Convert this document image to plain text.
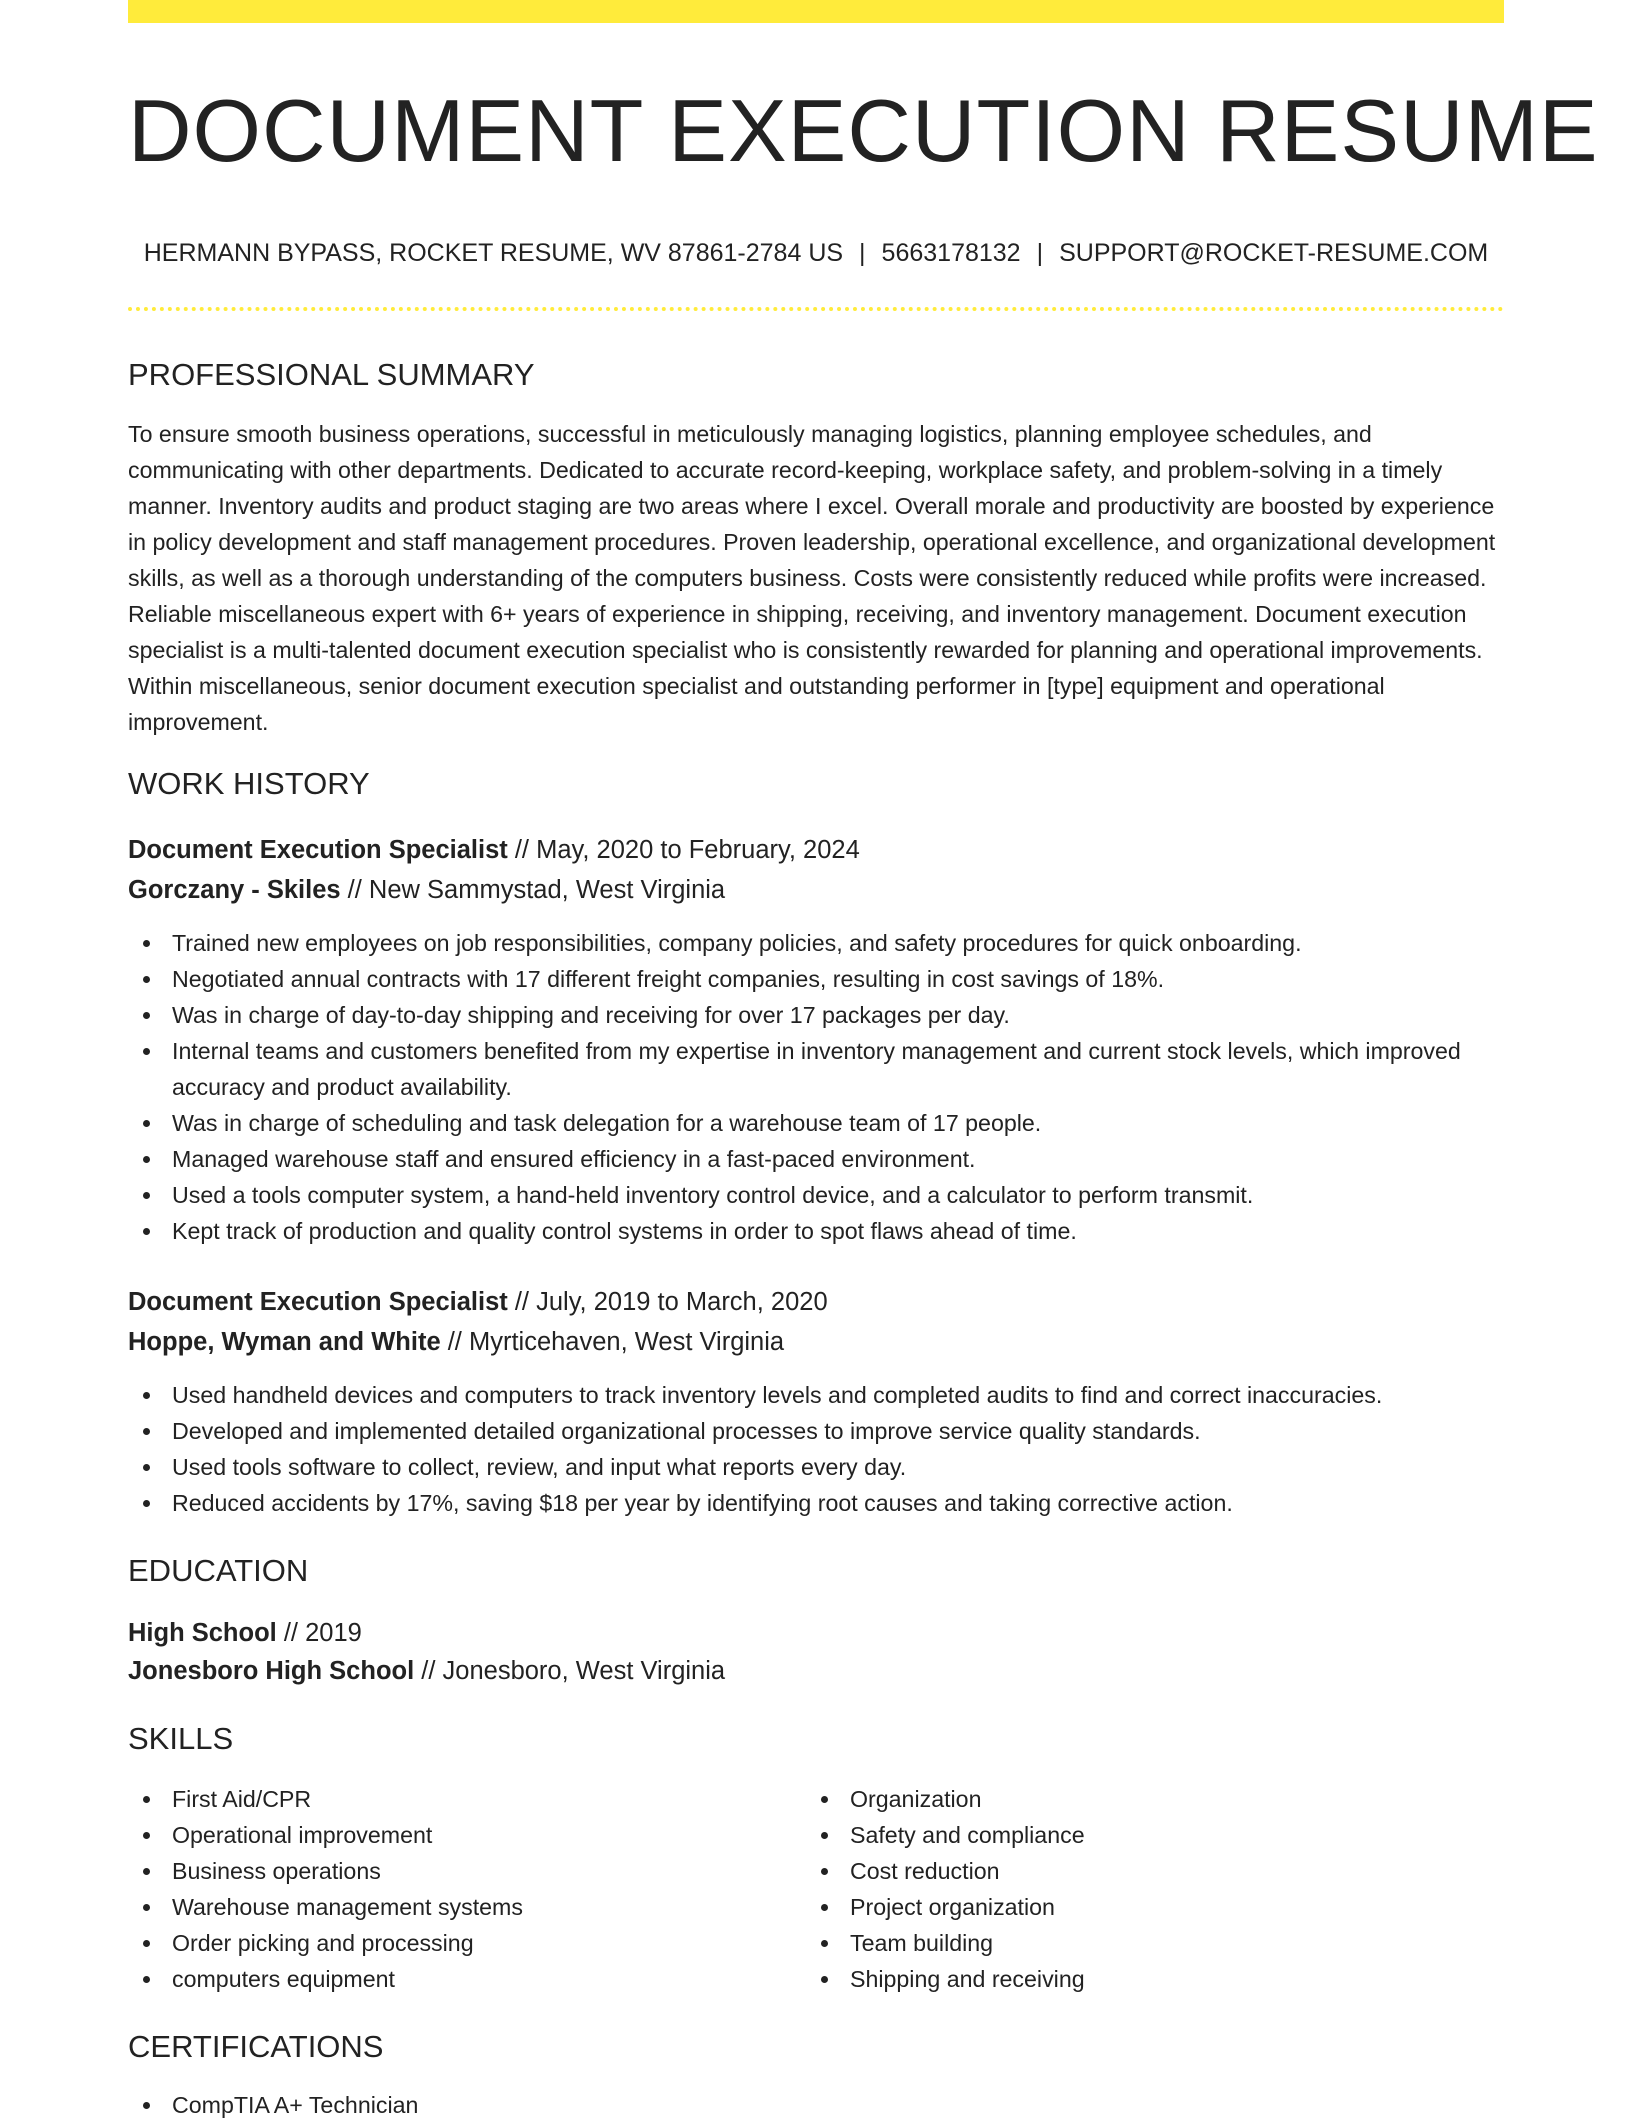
DOCUMENT EXECUTION RESUME
HERMANN BYPASS, ROCKET RESUME, WV 87861-2784 US | 5663178132 | SUPPORT@ROCKET-RESUME.COM
PROFESSIONAL SUMMARY

To ensure smooth business operations, successful in meticulously managing logistics, planning employee schedules, and communicating with other departments. Dedicated to accurate record-keeping, workplace safety, and problem-solving in a timely manner. Inventory audits and product staging are two areas where I excel. Overall morale and productivity are boosted by experience in policy development and staff management procedures. Proven leadership, operational excellence, and organizational development skills, as well as a thorough understanding of the computers business. Costs were consistently reduced while profits were increased. Reliable miscellaneous expert with 6+ years of experience in shipping, receiving, and inventory management. Document execution specialist is a multi-talented document execution specialist who is consistently rewarded for planning and operational improvements. Within miscellaneous, senior document execution specialist and outstanding performer in [type] equipment and operational improvement.

WORK HISTORY
Document Execution Specialist // May, 2020 to February, 2024
Gorczany - Skiles // New Sammystad, West Virginia
Trained new employees on job responsibilities, company policies, and safety procedures for quick onboarding.
Negotiated annual contracts with 17 different freight companies, resulting in cost savings of 18%.
Was in charge of day-to-day shipping and receiving for over 17 packages per day.
Internal teams and customers benefited from my expertise in inventory management and current stock levels, which improved accuracy and product availability.
Was in charge of scheduling and task delegation for a warehouse team of 17 people.
Managed warehouse staff and ensured efficiency in a fast-paced environment.
Used a tools computer system, a hand-held inventory control device, and a calculator to perform transmit.
Kept track of production and quality control systems in order to spot flaws ahead of time.
Document Execution Specialist // July, 2019 to March, 2020
Hoppe, Wyman and White // Myrticehaven, West Virginia
Used handheld devices and computers to track inventory levels and completed audits to find and correct inaccuracies.
Developed and implemented detailed organizational processes to improve service quality standards.
Used tools software to collect, review, and input what reports every day.
Reduced accidents by 17%, saving $18 per year by identifying root causes and taking corrective action.
EDUCATION
High School // 2019
Jonesboro High School // Jonesboro, West Virginia
SKILLS
First Aid/CPR
Operational improvement
Business operations
Warehouse management systems
Order picking and processing
computers equipment
Organization
Safety and compliance
Cost reduction
Project organization
Team building
Shipping and receiving
CERTIFICATIONS
CompTIA A+ Technician
